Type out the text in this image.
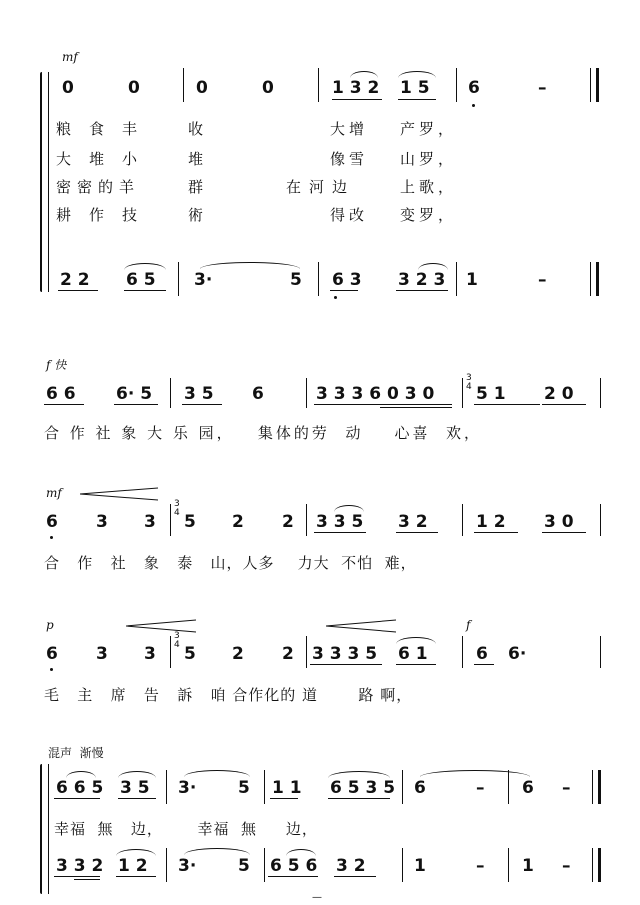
mf
0	0	0	0	1 3 2 1 5 6	–
粮食丰 收	大增 产罗，
大堆小 堆	像雪 山罗，
密密的羊	群	在河边	上歌，
耕作技 術	得改 变罗，
2 2 6 5 3·	5 6 3 3 2 3 1	–
f 快
6 6 6· 5 3 5 6	3 3 3 6 0 3 0
3
4 5 1 2 0
合 作 社 象 大 乐 园，   集体的劳  动    心喜  欢，
mf
6 3 3
3
4 5 2 2 3 3 5 3 2	1 2 3 0
合   作   社   象   泰   山，人多    力大  不怕  难，
p	f
6 3 3
3
4 5 2 2 3 3 3 5 6 1	6 6·
毛   主   席   告   訴   咱 合作化的 道       路 啊，
混声  渐慢
6 6 5 3 5 3· 5 1 1 6 5 3 5 6	– 6 –
幸福  無   边，      幸福  無     边，
3 3 2 1 2 3· 5 6 5 6 3 2	1	– 1 –
—
